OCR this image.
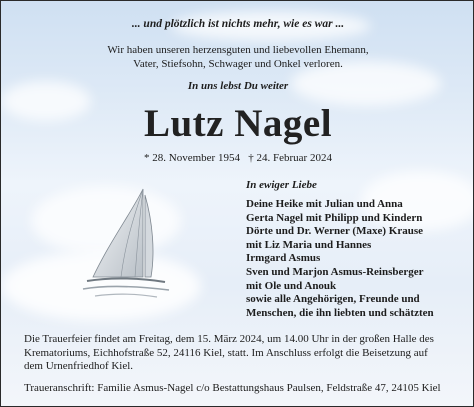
... und plötzlich ist nichts mehr, wie es war ...
Wir haben unseren herzensguten und liebevollen Ehemann,
Vater, Stiefsohn, Schwager und Onkel verloren.
In uns lebst Du weiter
Lutz Nagel
* 28. November 1954 † 24. Februar 2024
In ewiger Liebe
Deine Heike mit Julian und Anna
Gerta Nagel mit Philipp und Kindern
Dörte und Dr. Werner (Maxe) Krause
mit Liz Maria und Hannes
Irmgard Asmus
Sven und Marjon Asmus-Reinsberger
mit Ole und Anouk
sowie alle Angehörigen, Freunde und
Menschen, die ihn liebten und schätzten
Die Trauerfeier findet am Freitag, dem 15. März 2024, um 14.00 Uhr in der großen Halle des
Krematoriums, Eichhofstraße 52, 24116 Kiel, statt. Im Anschluss erfolgt die Beisetzung auf
dem Urnenfriedhof Kiel.
Traueranschrift: Familie Asmus-Nagel c/o Bestattungshaus Paulsen, Feldstraße 47, 24105 Kiel
